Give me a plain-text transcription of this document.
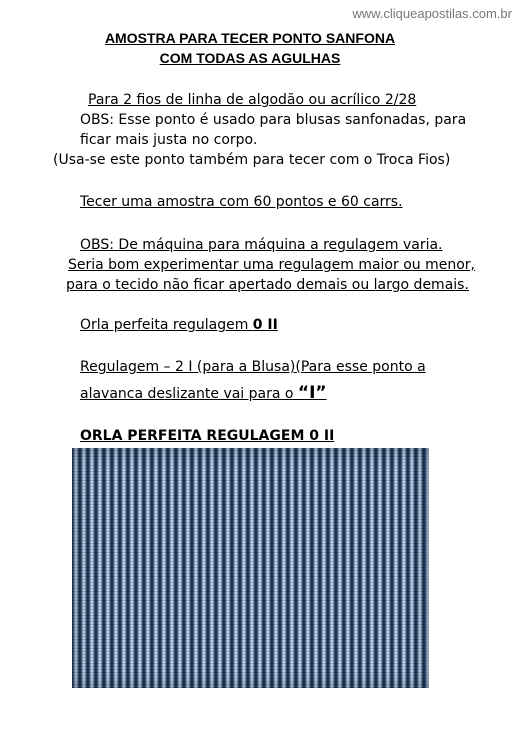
www.cliqueapostilas.com.br
AMOSTRA PARA TECER PONTO SANFONA
COM TODAS AS AGULHAS
Para 2 fios de linha de algodão ou acrílico 2/28
OBS: Esse ponto é usado para blusas sanfonadas, para
ficar mais justa no corpo.
(Usa-se este ponto também para tecer com o Troca Fios)
Tecer uma amostra com 60 pontos e 60 carrs.
OBS: De máquina para máquina a regulagem varia.
Seria bom experimentar uma regulagem maior ou menor,
para o tecido não ficar apertado demais ou largo demais.
Orla perfeita regulagem 0 II
Regulagem – 2 I (para a Blusa)(Para esse ponto a
alavanca deslizante vai para o “I”
ORLA PERFEITA REGULAGEM 0 II
